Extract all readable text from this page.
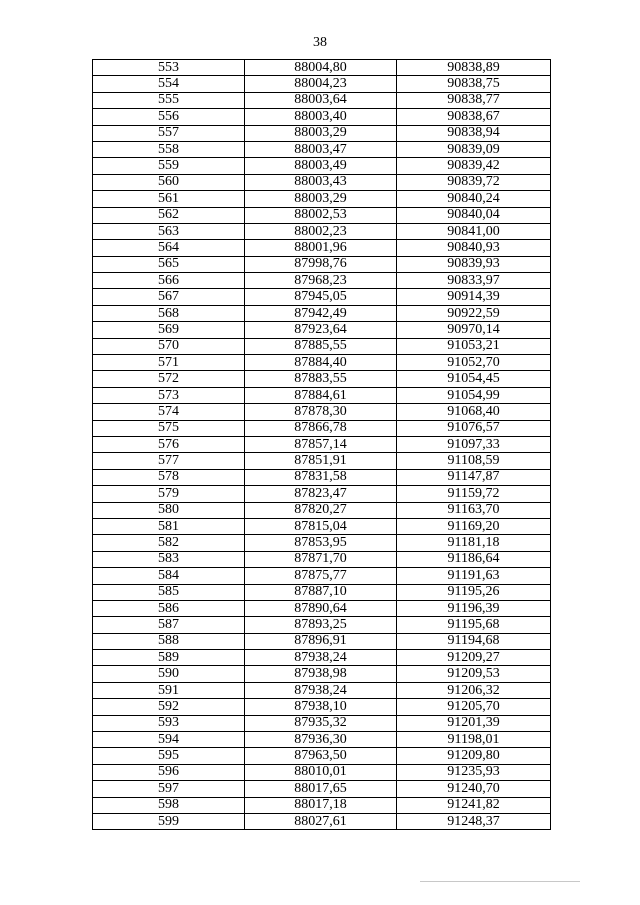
38
553	88004,80	90838,89
554	88004,23	90838,75
555	88003,64	90838,77
556	88003,40	90838,67
557	88003,29	90838,94
558	88003,47	90839,09
559	88003,49	90839,42
560	88003,43	90839,72
561	88003,29	90840,24
562	88002,53	90840,04
563	88002,23	90841,00
564	88001,96	90840,93
565	87998,76	90839,93
566	87968,23	90833,97
567	87945,05	90914,39
568	87942,49	90922,59
569	87923,64	90970,14
570	87885,55	91053,21
571	87884,40	91052,70
572	87883,55	91054,45
573	87884,61	91054,99
574	87878,30	91068,40
575	87866,78	91076,57
576	87857,14	91097,33
577	87851,91	91108,59
578	87831,58	91147,87
579	87823,47	91159,72
580	87820,27	91163,70
581	87815,04	91169,20
582	87853,95	91181,18
583	87871,70	91186,64
584	87875,77	91191,63
585	87887,10	91195,26
586	87890,64	91196,39
587	87893,25	91195,68
588	87896,91	91194,68
589	87938,24	91209,27
590	87938,98	91209,53
591	87938,24	91206,32
592	87938,10	91205,70
593	87935,32	91201,39
594	87936,30	91198,01
595	87963,50	91209,80
596	88010,01	91235,93
597	88017,65	91240,70
598	88017,18	91241,82
599	88027,61	91248,37
